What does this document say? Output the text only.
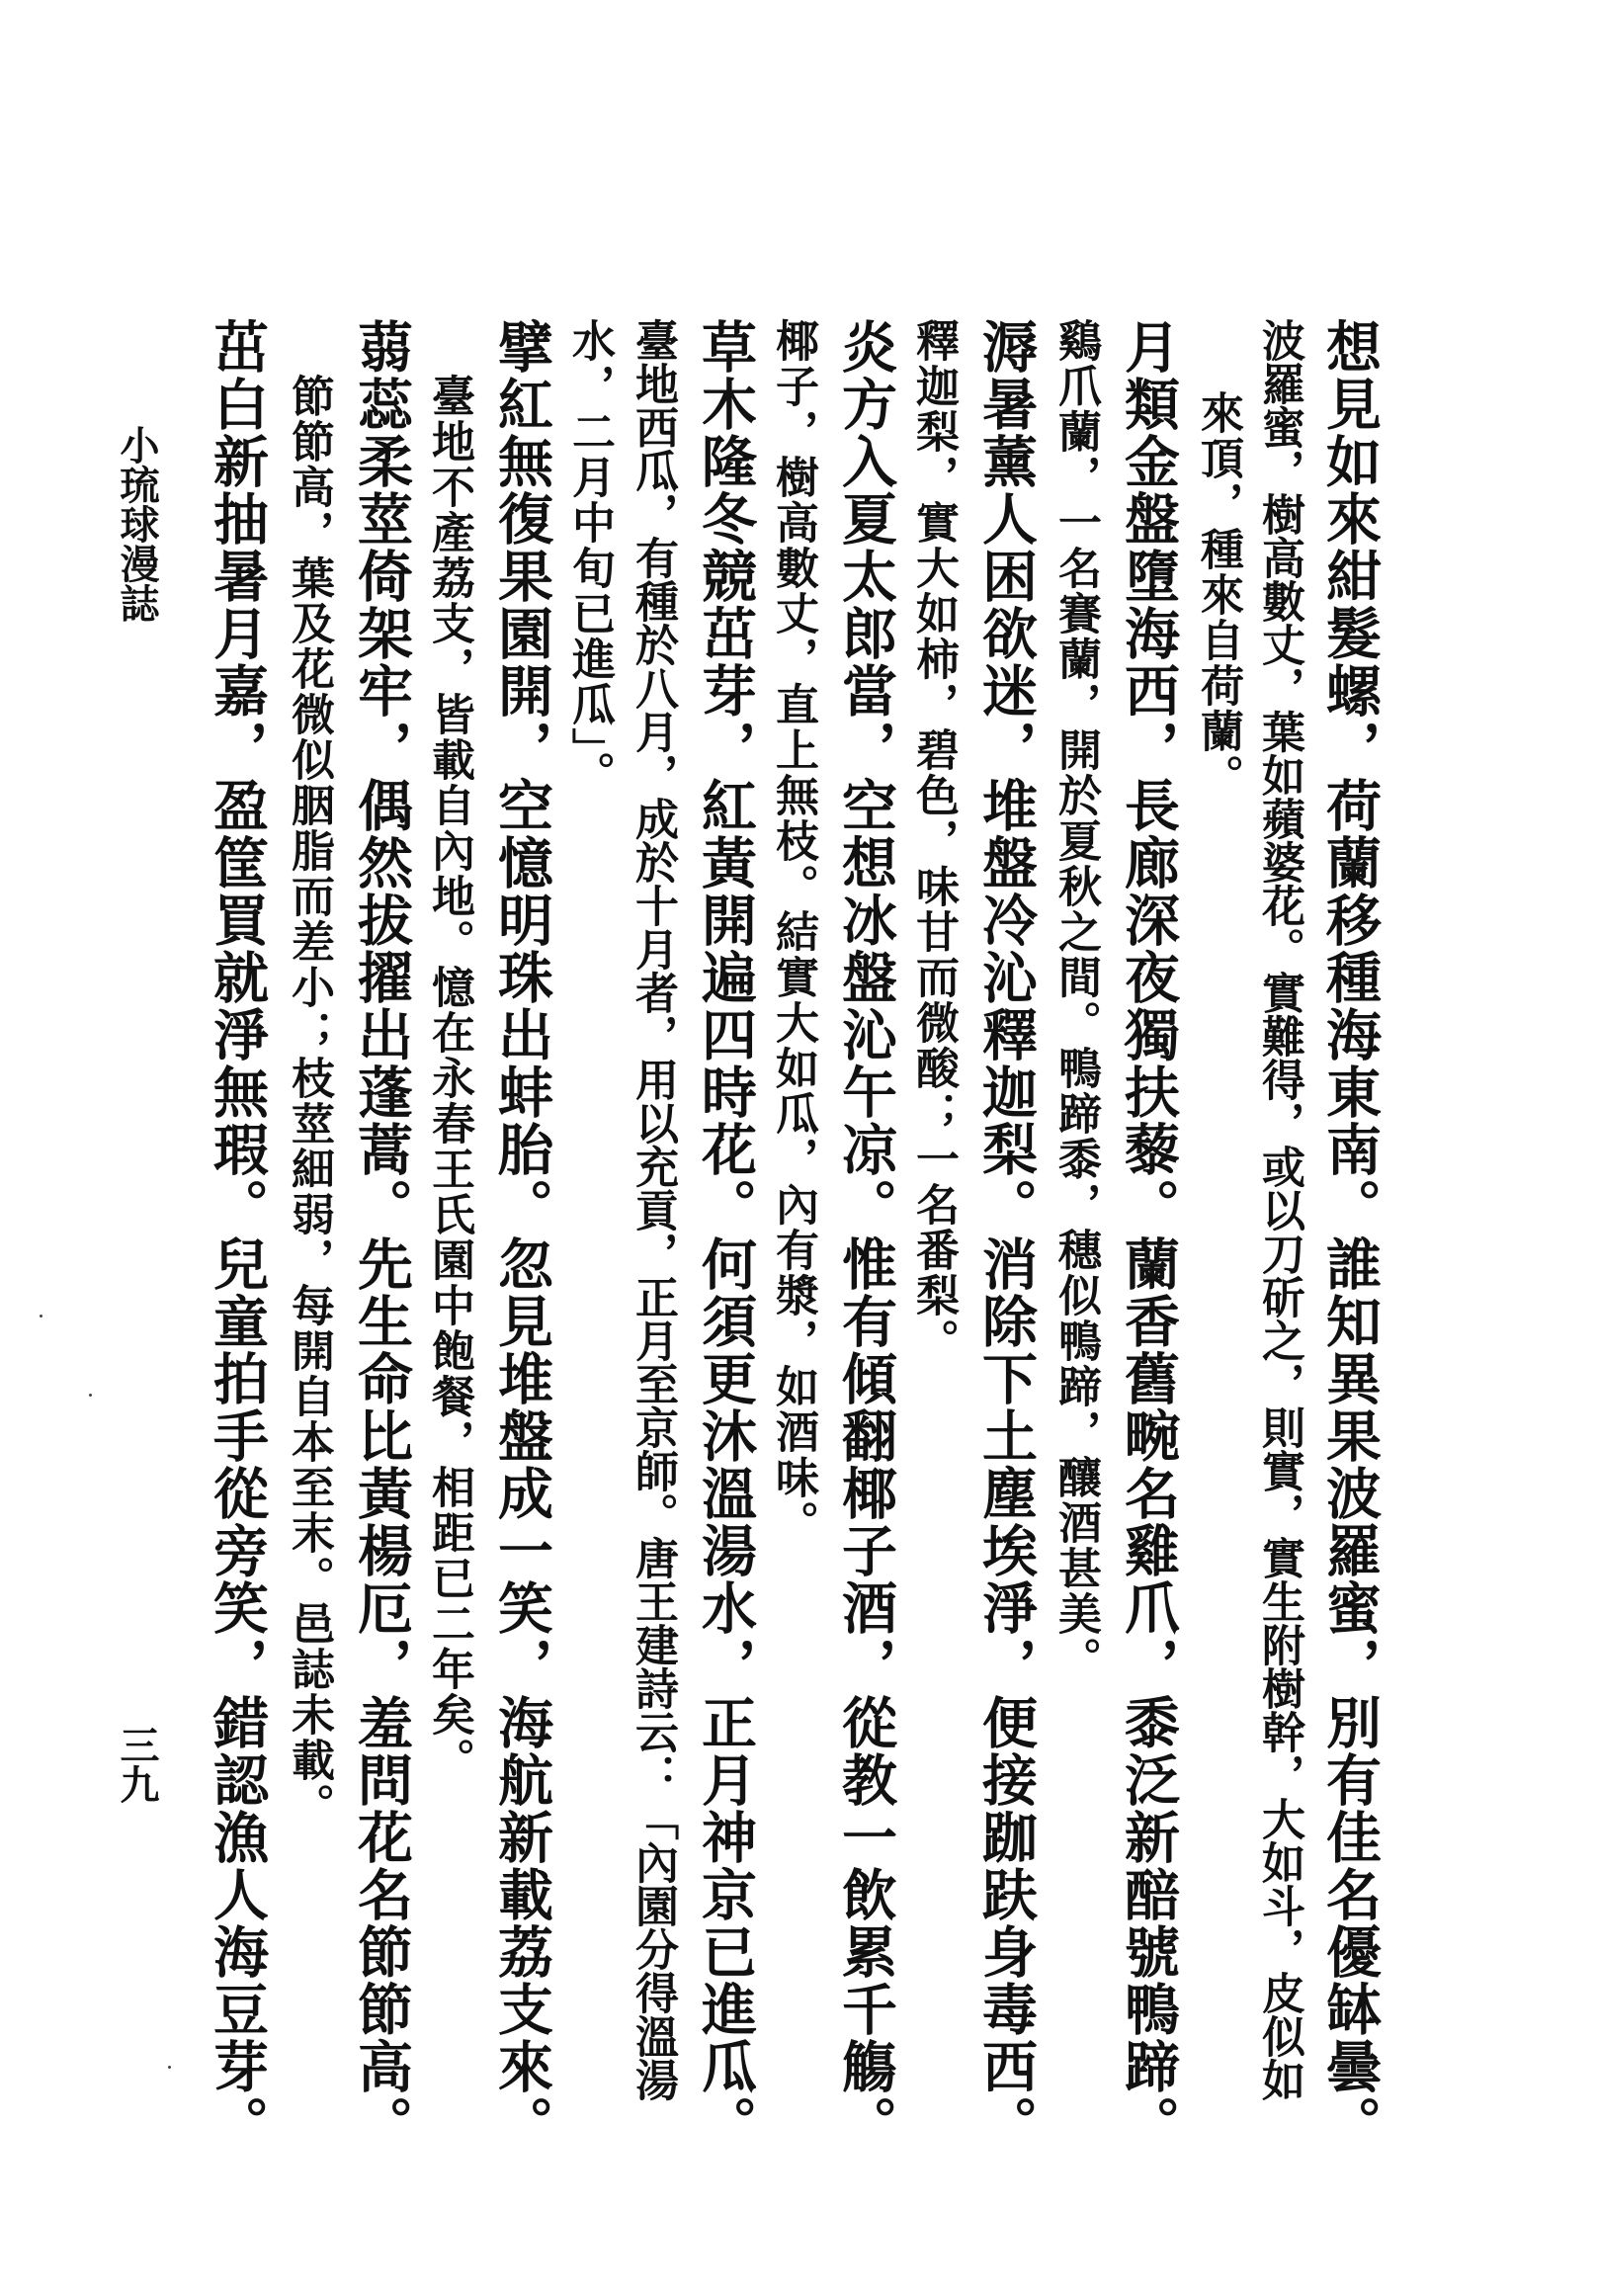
小琉球漫誌
三九	想見如來紺髮螺，荷蘭移種海東南。誰知異果波羅蜜，別有佳名優缽曇。
波羅蜜，樹高數丈，葉如蘋婆花。實難得，或以刀斫之，則實，實生附樹幹，大如斗，皮似如
來頂，種來自荷蘭。
月類金盤墮海西，長廊深夜獨扶藜。蘭香舊畹名雞爪，黍泛新醅號鴨蹄。
鷄爪蘭，一名賽蘭，開於夏秋之間。鴨蹄黍，穗似鴨蹄，釀酒甚美。
溽暑薰人困欲迷，堆盤冷沁釋迦梨。消除下土塵埃淨，便接跏趺身毒西。
釋迦梨，實大如柿，碧色，味甘而微酸；一名番梨。
炎方入夏太郎當，空想冰盤沁午凉。惟有傾翻椰子酒，從教一飲累千觴。
椰子，樹高數丈，直上無枝。結實大如瓜，內有漿，如酒味。
草木隆冬競茁芽，紅黃開遍四時花。何須更沐溫湯水，正月神京已進瓜。
臺地西瓜，有種於八月，成於十月者，用以充貢，正月至京師。唐王建詩云：「內園分得溫湯
水，二月中旬已進瓜」。
擘紅無復果園開，空憶明珠出蚌胎。忽見堆盤成一笑，海航新載荔支來。
臺地不產荔支，皆載自內地。憶在永春王氏園中飽餐，相距已二年矣。
蒻蕊柔莖倚架牢，偶然拔擢出蓬蒿。先生命比黃楊厄，羞問花名節節高。
節節高，葉及花微似胭脂而差小；枝莖細弱，每開自本至末。邑誌未載。
茁白新抽暑月嘉，盈筐買就淨無瑕。兒童拍手從旁笑，錯認漁人海豆芽。
